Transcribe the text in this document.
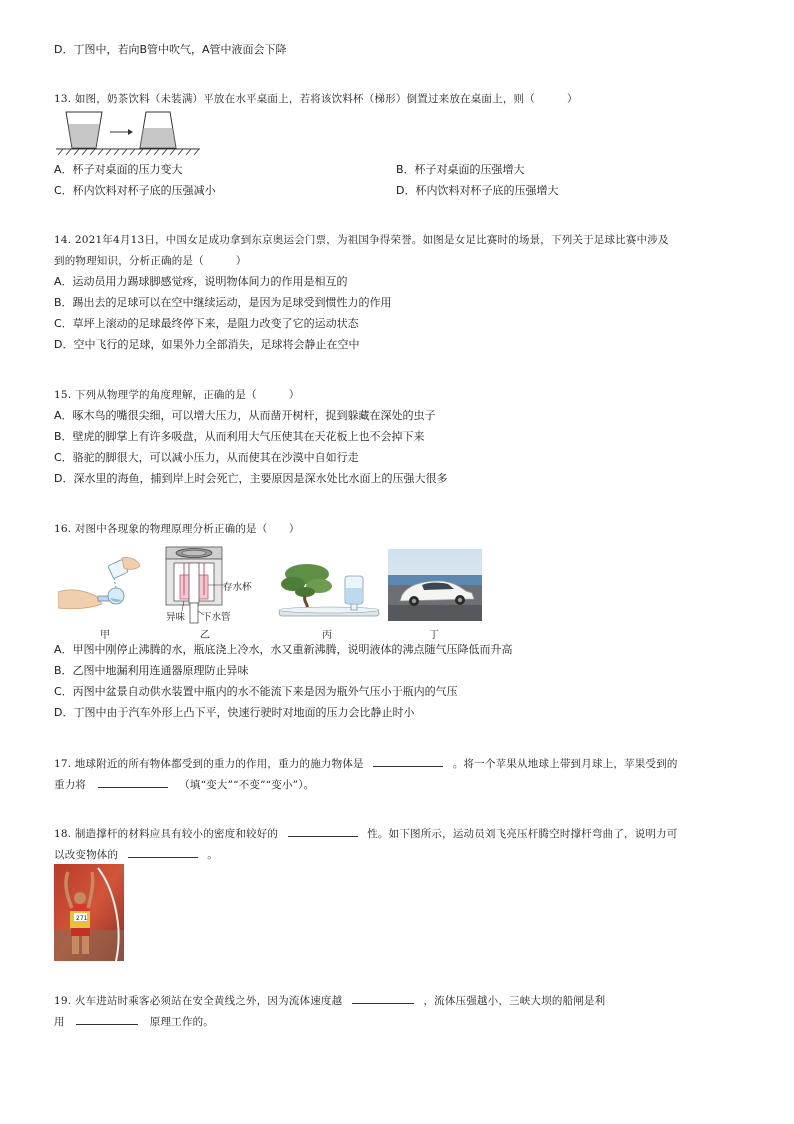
D．丁图中，若向B管中吹气，A管中液面会下降
13. 如图，奶茶饮料（未装满）平放在水平桌面上，若将该饮料杯（梯形）倒置过来放在桌面上，则（　　　）
A．杯子对桌面的压力变大	B．杯子对桌面的压强增大
C．杯内饮料对杯子底的压强减小	D．杯内饮料对杯子底的压强增大
14. 2021年4月13日，中国女足成功拿到东京奥运会门票，为祖国争得荣誉。如图是女足比赛时的场景，下列关于足球比赛中涉及
到的物理知识，分析正确的是（　　　）
A．运动员用力踢球脚感觉疼，说明物体间力的作用是相互的
B．踢出去的足球可以在空中继续运动，是因为足球受到惯性力的作用
C．草坪上滚动的足球最终停下来，是阻力改变了它的运动状态
D．空中飞行的足球，如果外力全部消失，足球将会静止在空中
15. 下列从物理学的角度理解，正确的是（　　　）
A．啄木鸟的嘴很尖细，可以增大压力，从而凿开树杆，捉到躲藏在深处的虫子
B．壁虎的脚掌上有许多吸盘，从而利用大气压使其在天花板上也不会掉下来
C．骆驼的脚很大，可以减小压力，从而使其在沙漠中自如行走
D．深水里的海鱼，捕到岸上时会死亡，主要原因是深水处比水面上的压强大很多
16. 对图中各现象的物理原理分析正确的是（　　）
甲
存水杯
异味 下水管
乙	丙	丁
A．甲图中刚停止沸腾的水，瓶底浇上冷水，水又重新沸腾，说明液体的沸点随气压降低而升高
B．乙图中地漏利用连通器原理防止异味
C．丙图中盆景自动供水装置中瓶内的水不能流下来是因为瓶外气压小于瓶内的气压
D．丁图中由于汽车外形上凸下平，快速行驶时对地面的压力会比静止时小
17. 地球附近的所有物体都受到的重力的作用，重力的施力物体是	。将一个苹果从地球上带到月球上，苹果受到的
重力将	（填“变大”“不变”“变小”）。
18. 制造撑杆的材料应具有较小的密度和较好的	性。如下图所示，运动员刘飞亮压杆腾空时撑杆弯曲了，说明力可
以改变物体的	。
271
19. 火车进站时乘客必须站在安全黄线之外，因为流体速度越	，流体压强越小，三峡大坝的船闸是利
用	原理工作的。
